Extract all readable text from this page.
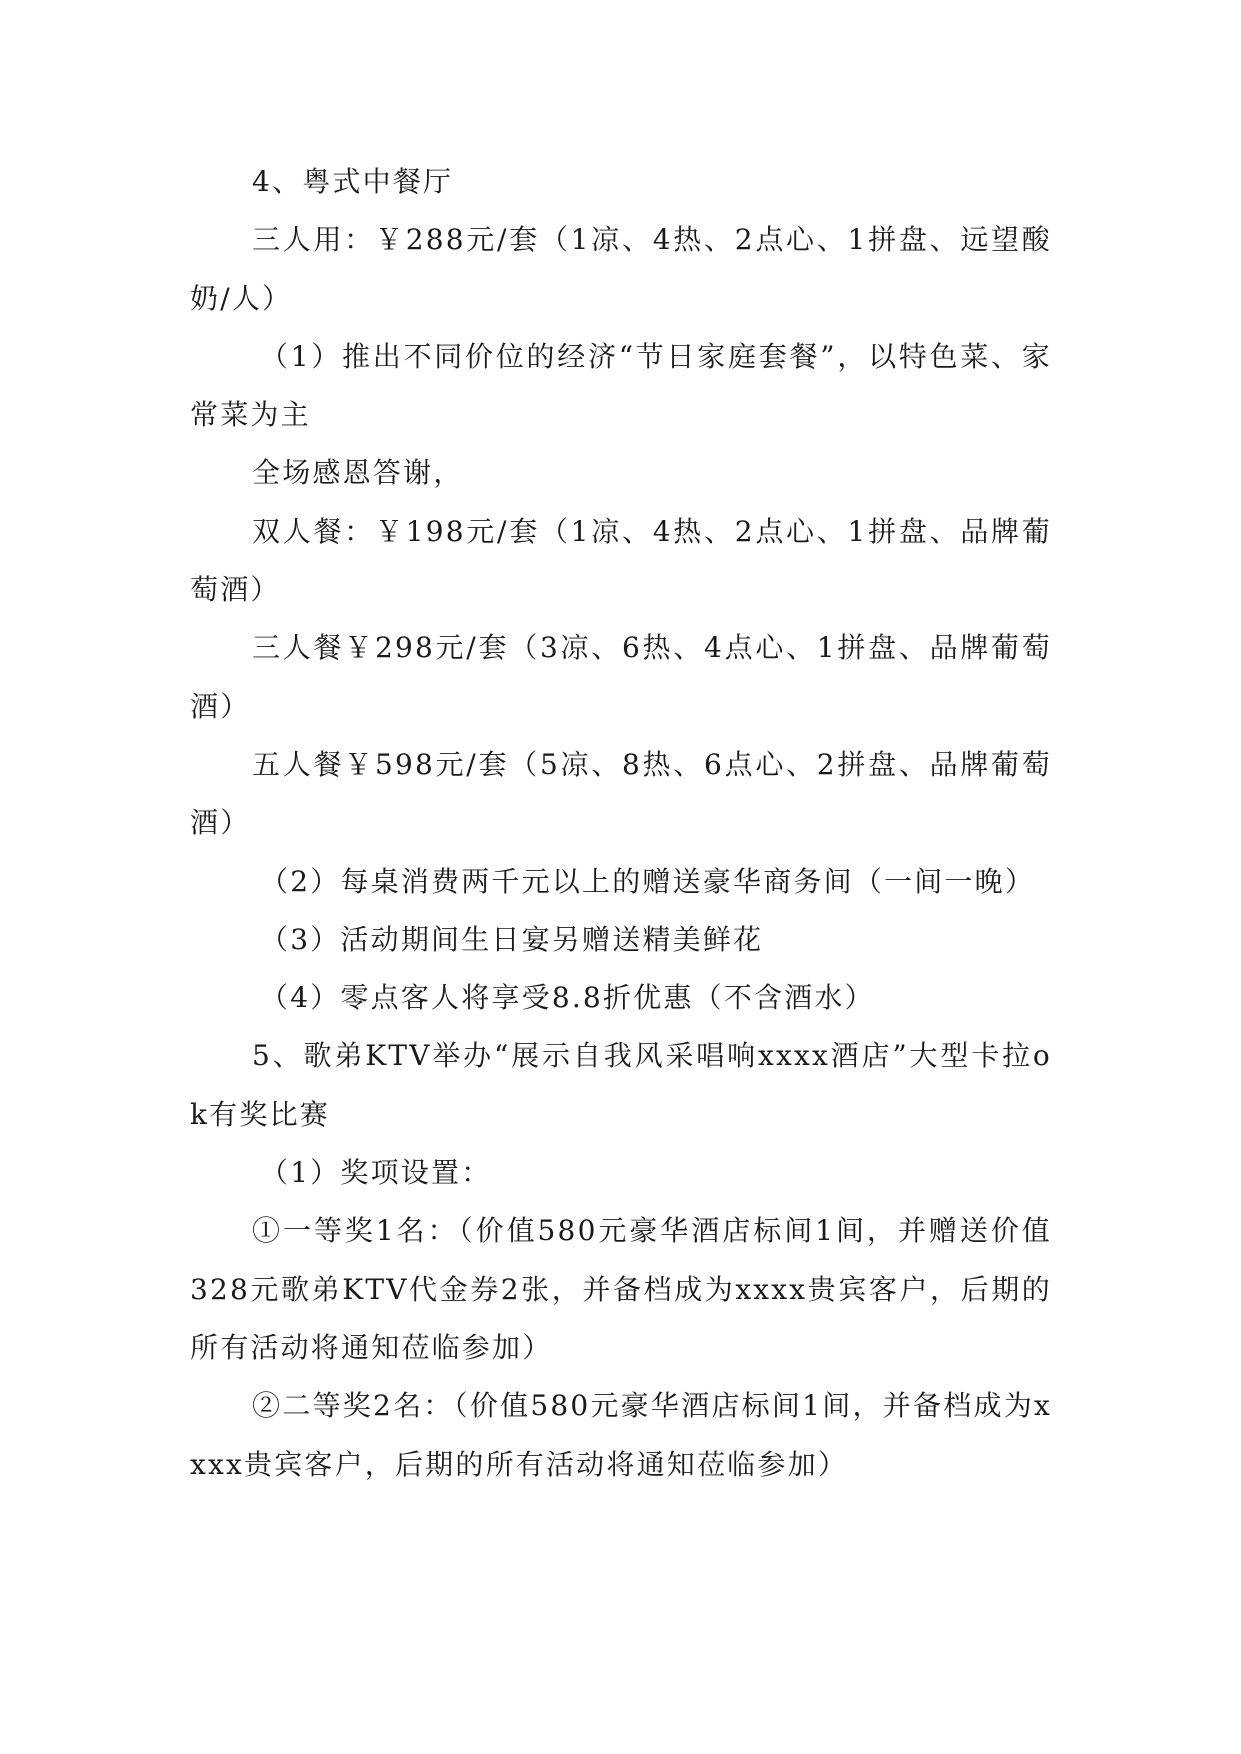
4、粤式中餐厅

三人用：￥288元/套（1凉、4热、2点心、1拼盘、远望酸奶/人）

（1）推出不同价位的经济“节日家庭套餐”，以特色菜、家常菜为主

全场感恩答谢，

双人餐：￥198元/套（1凉、4热、2点心、1拼盘、品牌葡萄酒）

三人餐￥298元/套（3凉、6热、4点心、1拼盘、品牌葡萄酒）

五人餐￥598元/套（5凉、8热、6点心、2拼盘、品牌葡萄酒）

（2）每桌消费两千元以上的赠送豪华商务间（一间一晚）

（3）活动期间生日宴另赠送精美鲜花

（4）零点客人将享受8.8折优惠（不含酒水）

5、歌弟KTV举办“展示自我风采唱响xxxx酒店”大型卡拉ok有奖比赛

（1）奖项设置：

①一等奖1名：（价值580元豪华酒店标间1间，并赠送价值328元歌弟KTV代金券2张，并备档成为xxxx贵宾客户，后期的所有活动将通知莅临参加）

②二等奖2名：（价值580元豪华酒店标间1间，并备档成为xxxx贵宾客户，后期的所有活动将通知莅临参加）
